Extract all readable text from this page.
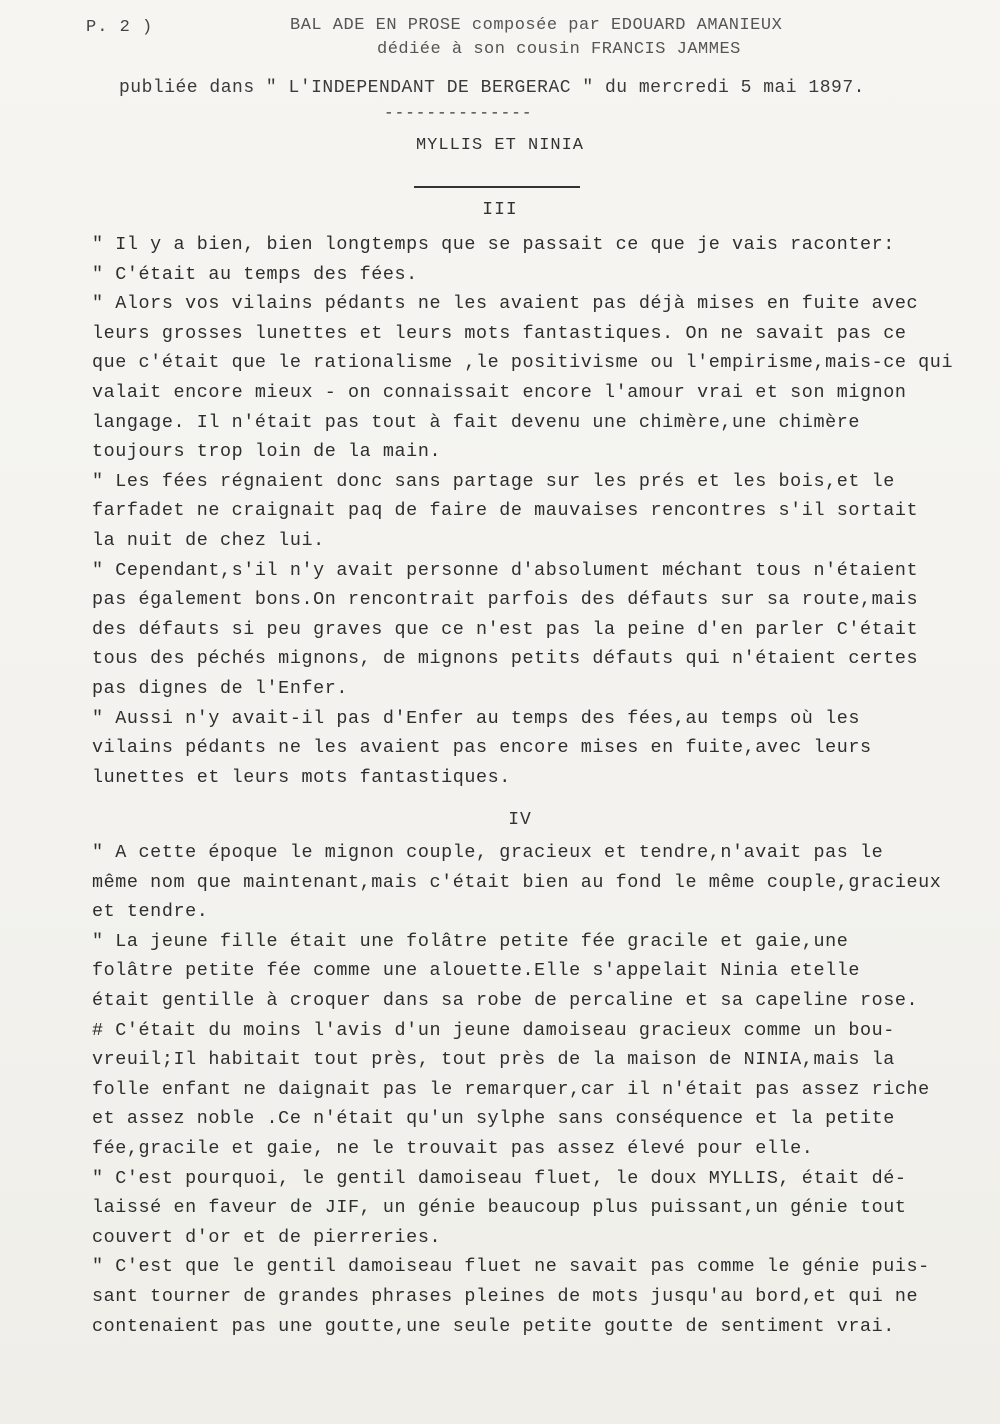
P. 2 )	BAL ADE EN PROSE composée par EDOUARD AMANIEUX
dédiée à son cousin FRANCIS JAMMES
publiée dans " L'INDEPENDANT DE BERGERAC " du mercredi 5 mai 1897.
--------------
MYLLIS ET NINIA
III
" Il y a bien, bien longtemps que se passait ce que je vais raconter:
" C'était au temps des fées.
" Alors vos vilains pédants ne les avaient pas déjà mises en fuite avec
leurs grosses lunettes et leurs mots fantastiques. On ne savait pas ce
que c'était que le rationalisme ,le positivisme ou l'empirisme,mais-ce qui
valait encore mieux - on connaissait encore l'amour vrai et son mignon
langage. Il n'était pas tout à fait devenu une chimère,une chimère
toujours trop loin de la main.
" Les fées régnaient donc sans partage sur les prés et les bois,et le
farfadet ne craignait paq de faire de mauvaises rencontres s'il sortait
la nuit de chez lui.
" Cependant,s'il n'y avait personne d'absolument méchant tous n'étaient
pas également bons.On rencontrait parfois des défauts sur sa route,mais
des défauts si peu graves que ce n'est pas la peine d'en parler C'était
tous des péchés mignons, de mignons petits défauts qui n'étaient certes
pas dignes de l'Enfer.
" Aussi n'y avait-il pas d'Enfer au temps des fées,au temps où les
vilains pédants ne les avaient pas encore mises en fuite,avec leurs
lunettes et leurs mots fantastiques.
IV
" A cette époque le mignon couple, gracieux et tendre,n'avait pas le
même nom que maintenant,mais c'était bien au fond le même couple,gracieux
et tendre.
" La jeune fille était une folâtre petite fée gracile et gaie,une
folâtre petite fée comme une alouette.Elle s'appelait Ninia etelle
était gentille à croquer dans sa robe de percaline et sa capeline rose.
# C'était du moins l'avis d'un jeune damoiseau gracieux comme un bou-
vreuil;Il habitait tout près, tout près de la maison de NINIA,mais la
folle enfant ne daignait pas le remarquer,car il n'était pas assez riche
et assez noble .Ce n'était qu'un sylphe sans conséquence et la petite
fée,gracile et gaie, ne le trouvait pas assez élevé pour elle.
" C'est pourquoi, le gentil damoiseau fluet, le doux MYLLIS, était dé-
laissé en faveur de JIF, un génie beaucoup plus puissant,un génie tout
couvert d'or et de pierreries.
" C'est que le gentil damoiseau fluet ne savait pas comme le génie puis-
sant tourner de grandes phrases pleines de mots jusqu'au bord,et qui ne
contenaient pas une goutte,une seule petite goutte de sentiment vrai.
